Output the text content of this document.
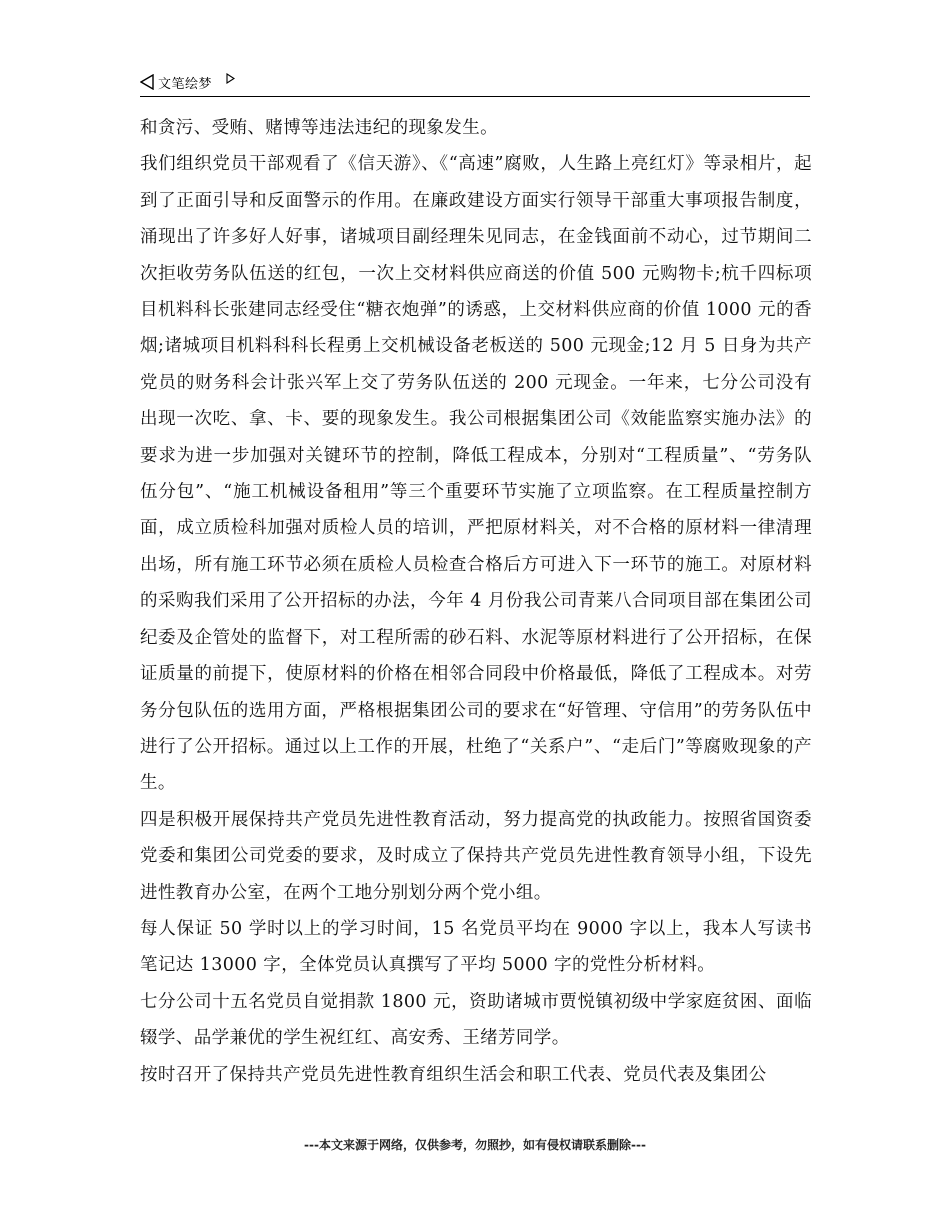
文笔绘梦

和贪污、受贿、赌博等违法违纪的现象发生。

我们组织党员干部观看了《信天游》、《“高速”腐败，人生路上亮红灯》等录相片，起到了正面引导和反面警示的作用。在廉政建设方面实行领导干部重大事项报告制度，涌现出了许多好人好事，诸城项目副经理朱见同志，在金钱面前不动心，过节期间二次拒收劳务队伍送的红包，一次上交材料供应商送的价值 500 元购物卡;杭千四标项目机料科长张建同志经受住“糖衣炮弹”的诱惑，上交材料供应商的价值 1000 元的香烟;诸城项目机料科科长程勇上交机械设备老板送的 500 元现金;12 月 5 日身为共产党员的财务科会计张兴军上交了劳务队伍送的 200 元现金。一年来，七分公司没有出现一次吃、拿、卡、要的现象发生。我公司根据集团公司《效能监察实施办法》的要求为进一步加强对关键环节的控制，降低工程成本，分别对“工程质量”、“劳务队伍分包”、“施工机械设备租用”等三个重要环节实施了立项监察。在工程质量控制方面，成立质检科加强对质检人员的培训，严把原材料关，对不合格的原材料一律清理出场，所有施工环节必须在质检人员检查合格后方可进入下一环节的施工。对原材料的采购我们采用了公开招标的办法，今年 4 月份我公司青莱八合同项目部在集团公司纪委及企管处的监督下，对工程所需的砂石料、水泥等原材料进行了公开招标，在保证质量的前提下，使原材料的价格在相邻合同段中价格最低，降低了工程成本。对劳务分包队伍的选用方面，严格根据集团公司的要求在“好管理、守信用”的劳务队伍中进行了公开招标。通过以上工作的开展，杜绝了“关系户”、“走后门”等腐败现象的产生。

四是积极开展保持共产党员先进性教育活动，努力提高党的执政能力。按照省国资委党委和集团公司党委的要求，及时成立了保持共产党员先进性教育领导小组，下设先进性教育办公室，在两个工地分别划分两个党小组。

每人保证 50 学时以上的学习时间，15 名党员平均在 9000 字以上，我本人写读书笔记达 13000 字，全体党员认真撰写了平均 5000 字的党性分析材料。

七分公司十五名党员自觉捐款 1800 元，资助诸城市贾悦镇初级中学家庭贫困、面临辍学、品学兼优的学生祝红红、高安秀、王绪芳同学。

按时召开了保持共产党员先进性教育组织生活会和职工代表、党员代表及集团公

---本文来源于网络，仅供参考，勿照抄，如有侵权请联系删除---
